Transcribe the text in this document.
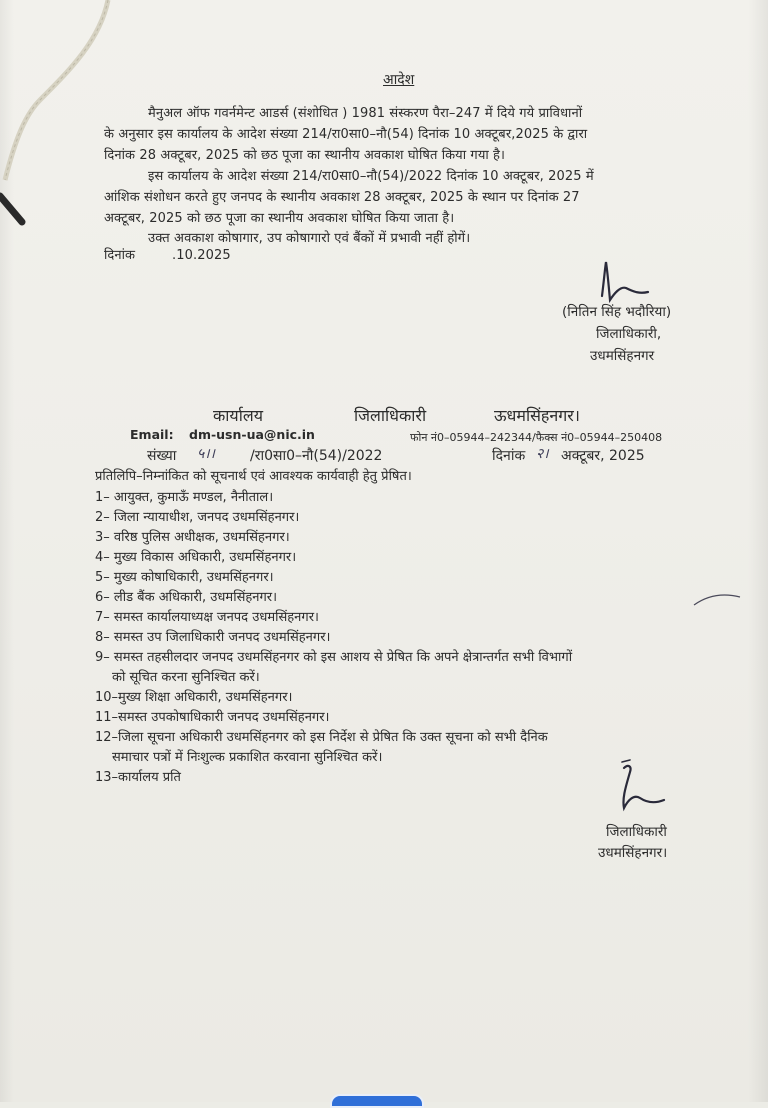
आदेश
मैनुअल ऑफ गवर्नमेन्ट आडर्स (संशोधित ) 1981 संस्करण पैरा–247 में दिये गये प्राविधानों
के अनुसार इस कार्यालय के आदेश संख्या 214/रा0सा0–नौ(54) दिनांक 10 अक्टूबर,2025 के द्वारा
दिनांक 28 अक्टूबर, 2025 को छठ पूजा का स्थानीय अवकाश घोषित किया गया है।
इस कार्यालय के आदेश संख्या 214/रा0सा0–नौ(54)/2022 दिनांक 10 अक्टूबर, 2025 में
आंशिक संशोधन करते हुए जनपद के स्थानीय अवकाश 28 अक्टूबर, 2025 के स्थान पर दिनांक 27
अक्टूबर, 2025 को छठ पूजा का स्थानीय अवकाश घोषित किया जाता है।
उक्त अवकाश कोषागार, उप कोषागारो एवं बैंकों में प्रभावी नहीं होगें।
दिनांक	.10.2025
(नितिन सिंह भदौरिया)
जिलाधिकारी,
उधमसिंहनगर
कार्यालय	जिलाधिकारी	ऊधमसिंहनगर।
Email: dm-usn-ua@nic.in	फोन नं0–05944–242344/फैक्स नं0–05944–250408
संख्या ५।।	/रा0सा0–नौ(54)/2022	दिनांक २। अक्टूबर, 2025
प्रतिलिपि–निम्नांकित को सूचनार्थ एवं आवश्यक कार्यवाही हेतु प्रेषित।
1– आयुक्त, कुमाऊँ मण्डल, नैनीताल।
2– जिला न्यायाधीश, जनपद उधमसिंहनगर।
3– वरिष्ठ पुलिस अधीक्षक, उधमसिंहनगर।
4– मुख्य विकास अधिकारी, उधमसिंहनगर।
5– मुख्य कोषाधिकारी, उधमसिंहनगर।
6– लीड बैंक अधिकारी, उधमसिंहनगर।
7– समस्त कार्यालयाध्यक्ष जनपद उधमसिंहनगर।
8– समस्त उप जिलाधिकारी जनपद उधमसिंहनगर।
9– समस्त तहसीलदार जनपद उधमसिंहनगर को इस आशय से प्रेषित कि अपने क्षेत्रान्तर्गत सभी विभागों
को सूचित करना सुनिश्चित करें।
10–मुख्य शिक्षा अधिकारी, उधमसिंहनगर।
11–समस्त उपकोषाधिकारी जनपद उधमसिंहनगर।
12–जिला सूचना अधिकारी उधमसिंहनगर को इस निर्देश से प्रेषित कि उक्त सूचना को सभी दैनिक
समाचार पत्रों में निःशुल्क प्रकाशित करवाना सुनिश्चित करें।
13–कार्यालय प्रति
जिलाधिकारी
उधमसिंहनगर।
